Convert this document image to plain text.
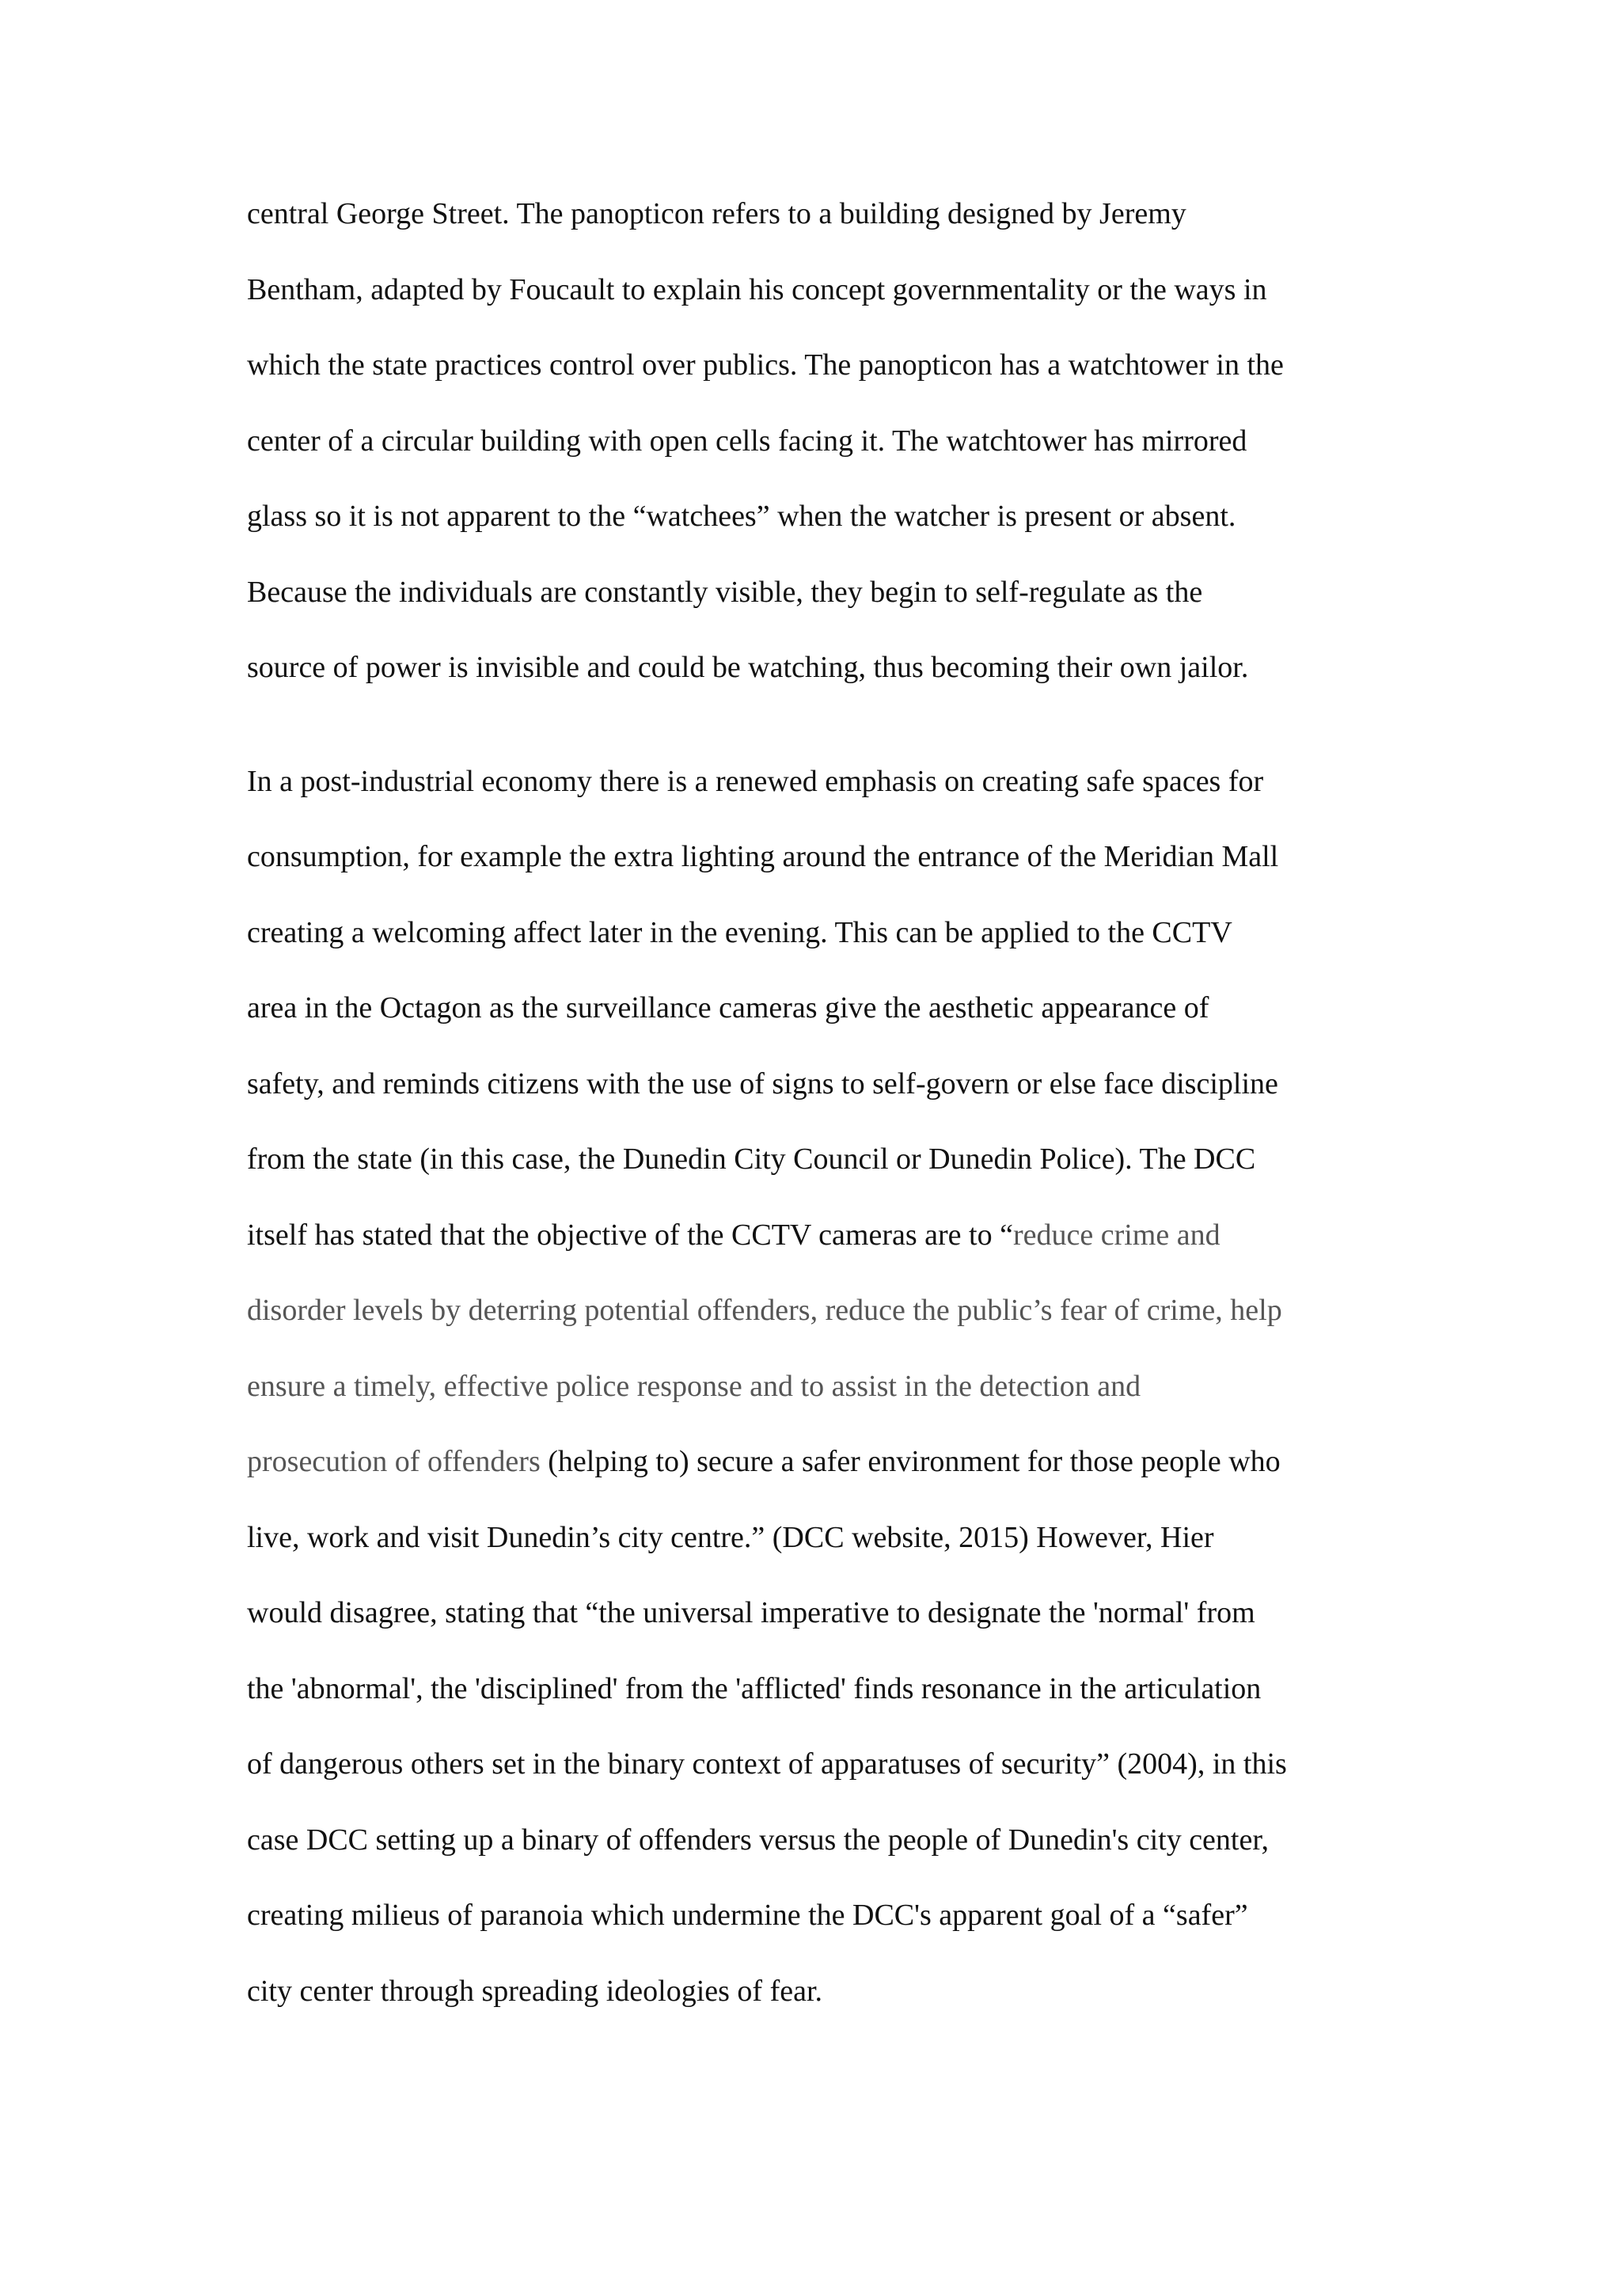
central George Street. The panopticon refers to a building designed by Jeremy
Bentham, adapted by Foucault to explain his concept governmentality or the ways in
which the state practices control over publics. The panopticon has a watchtower in the
center of a circular building with open cells facing it. The watchtower has mirrored
glass so it is not apparent to the “watchees” when the watcher is present or absent.
Because the individuals are constantly visible, they begin to self-regulate as the
source of power is invisible and could be watching, thus becoming their own jailor.
In a post-industrial economy there is a renewed emphasis on creating safe spaces for
consumption, for example the extra lighting around the entrance of the Meridian Mall
creating a welcoming affect later in the evening. This can be applied to the CCTV
area in the Octagon as the surveillance cameras give the aesthetic appearance of
safety, and reminds citizens with the use of signs to self-govern or else face discipline
from the state (in this case, the Dunedin City Council or Dunedin Police). The DCC
itself has stated that the objective of the CCTV cameras are to “reduce crime and
disorder levels by deterring potential offenders, reduce the public’s fear of crime, help
ensure a timely, effective police response and to assist in the detection and
prosecution of offenders (helping to) secure a safer environment for those people who
live, work and visit Dunedin’s city centre.” (DCC website, 2015) However, Hier
would disagree, stating that “the universal imperative to designate the 'normal' from
the 'abnormal', the 'disciplined' from the 'afflicted' finds resonance in the articulation
of dangerous others set in the binary context of apparatuses of security” (2004), in this
case DCC setting up a binary of offenders versus the people of Dunedin's city center,
creating milieus of paranoia which undermine the DCC's apparent goal of a “safer”
city center through spreading ideologies of fear.
